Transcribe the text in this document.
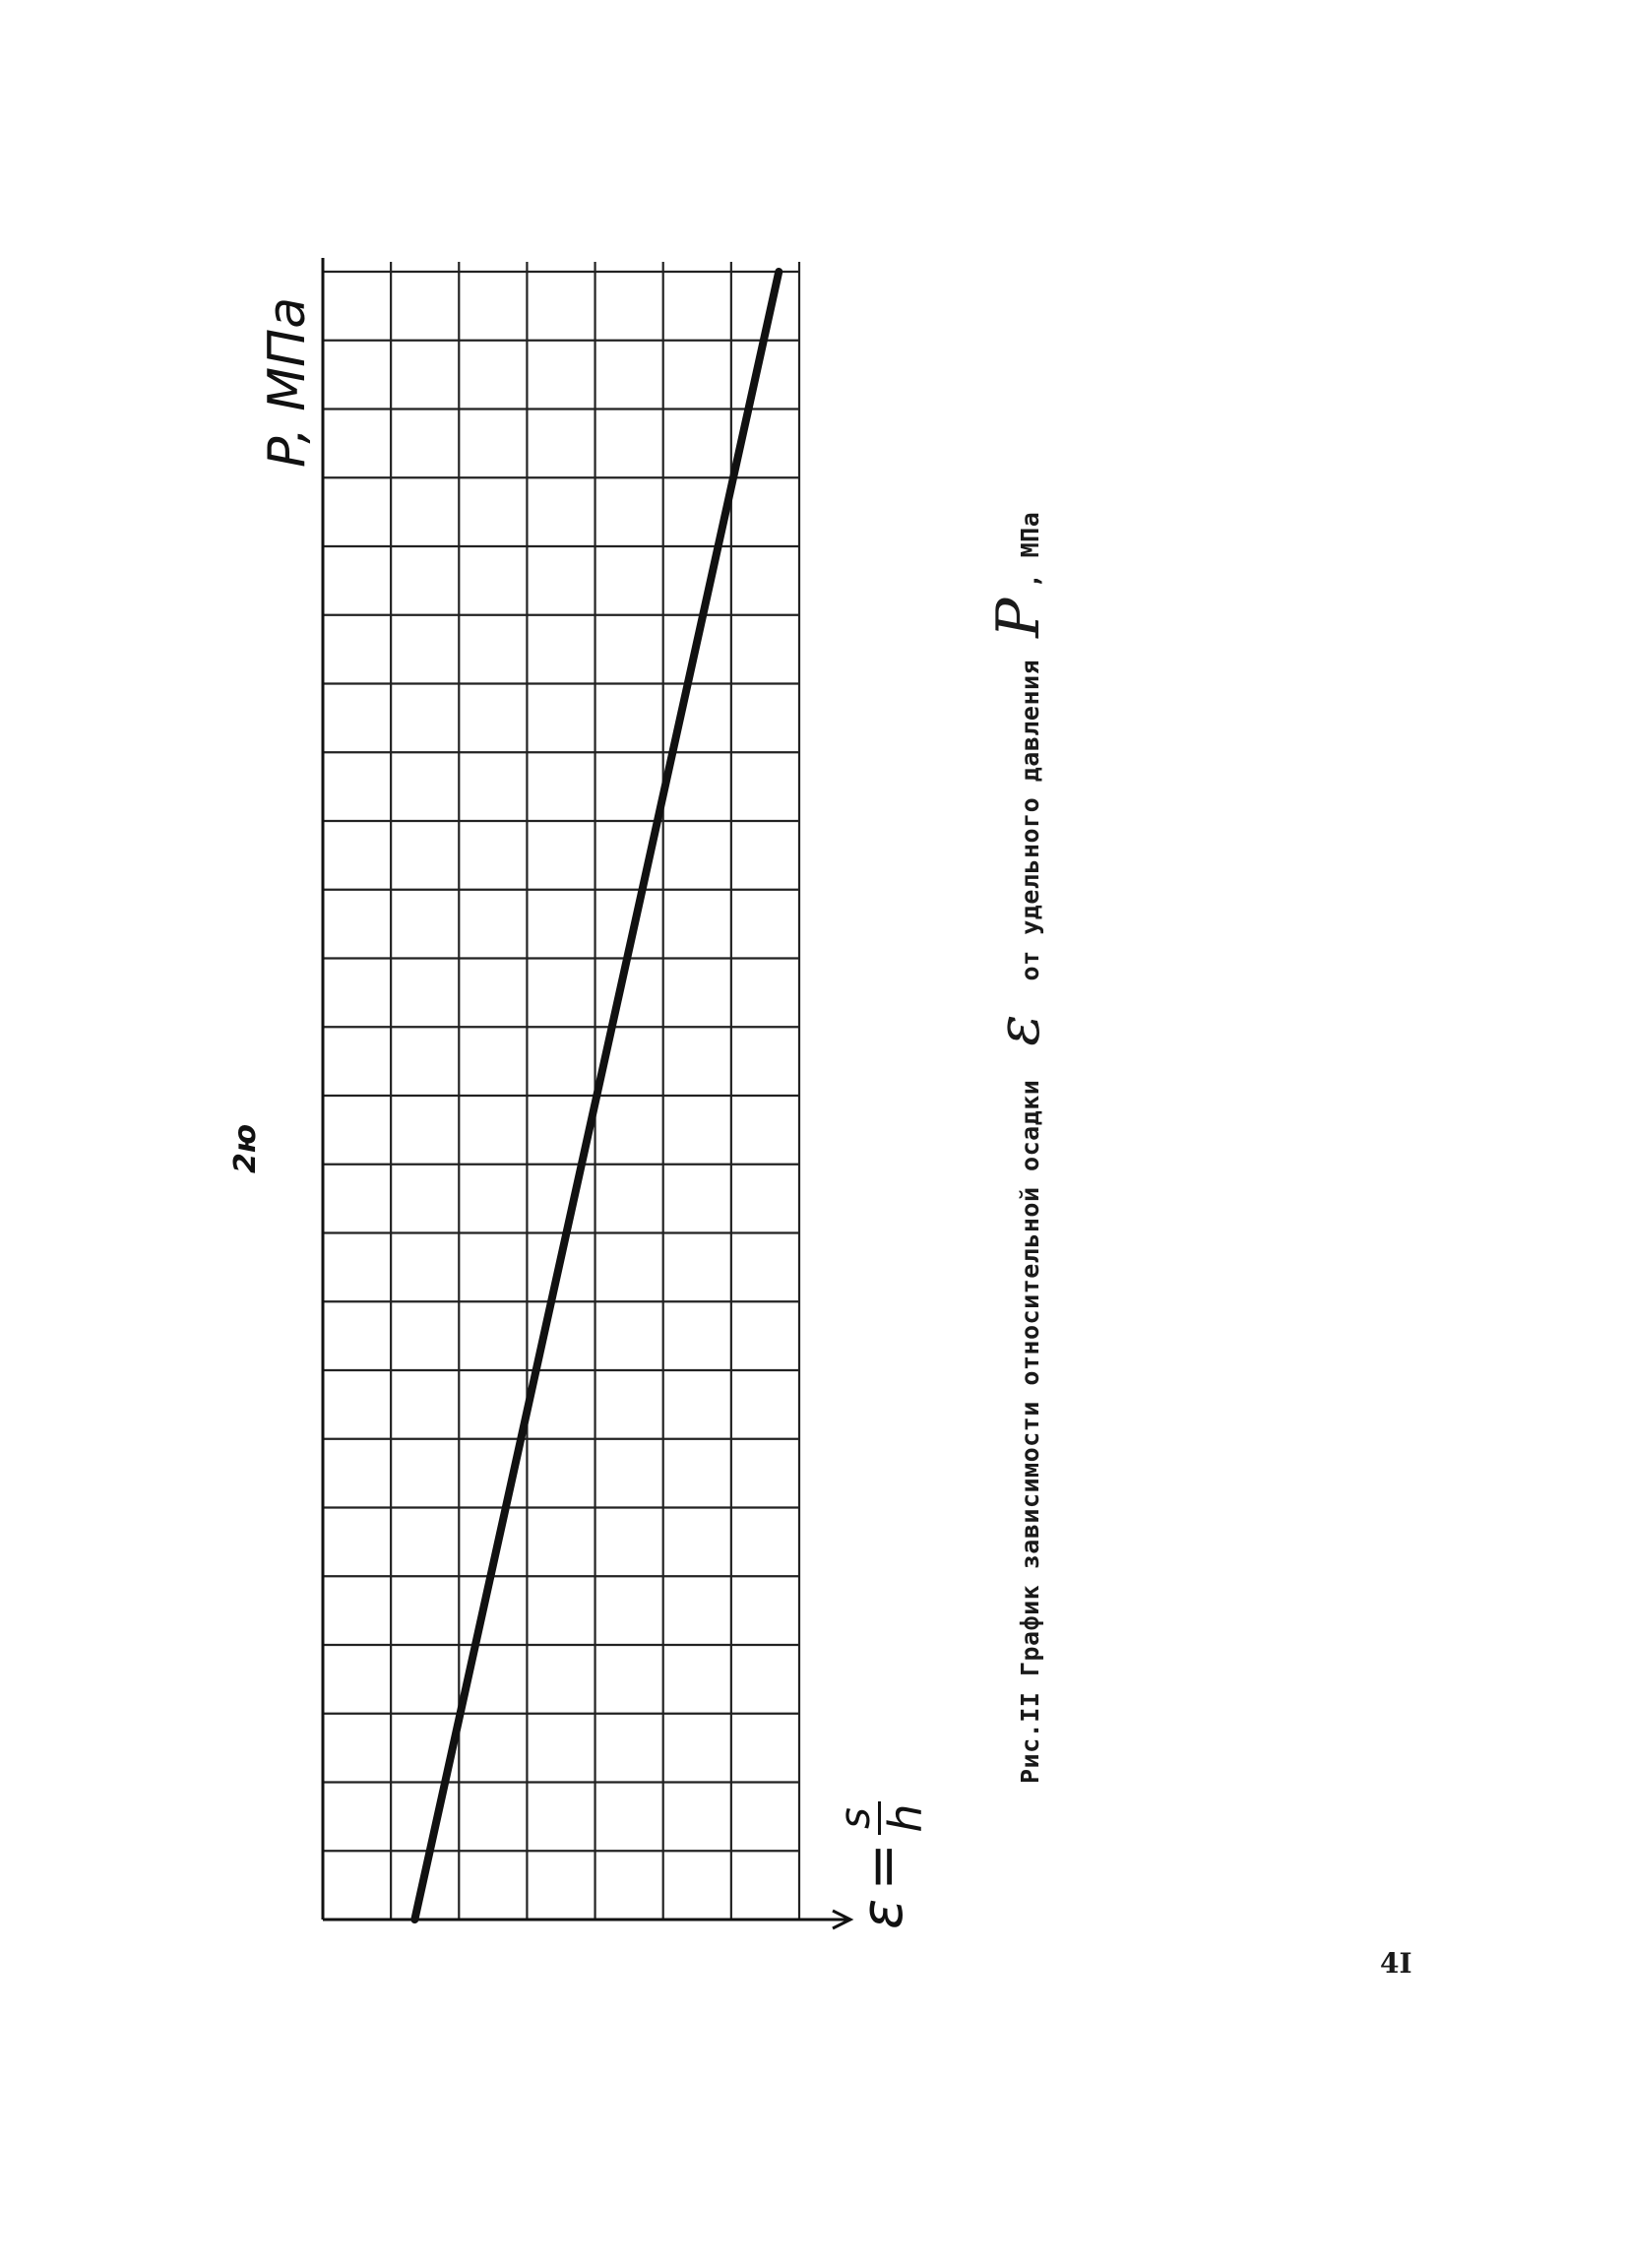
P, МПа
ε
=
s h
2ю	Рис.II График зависимости относительной осадки
ε
от удельного давления
P
, МПа
4I
